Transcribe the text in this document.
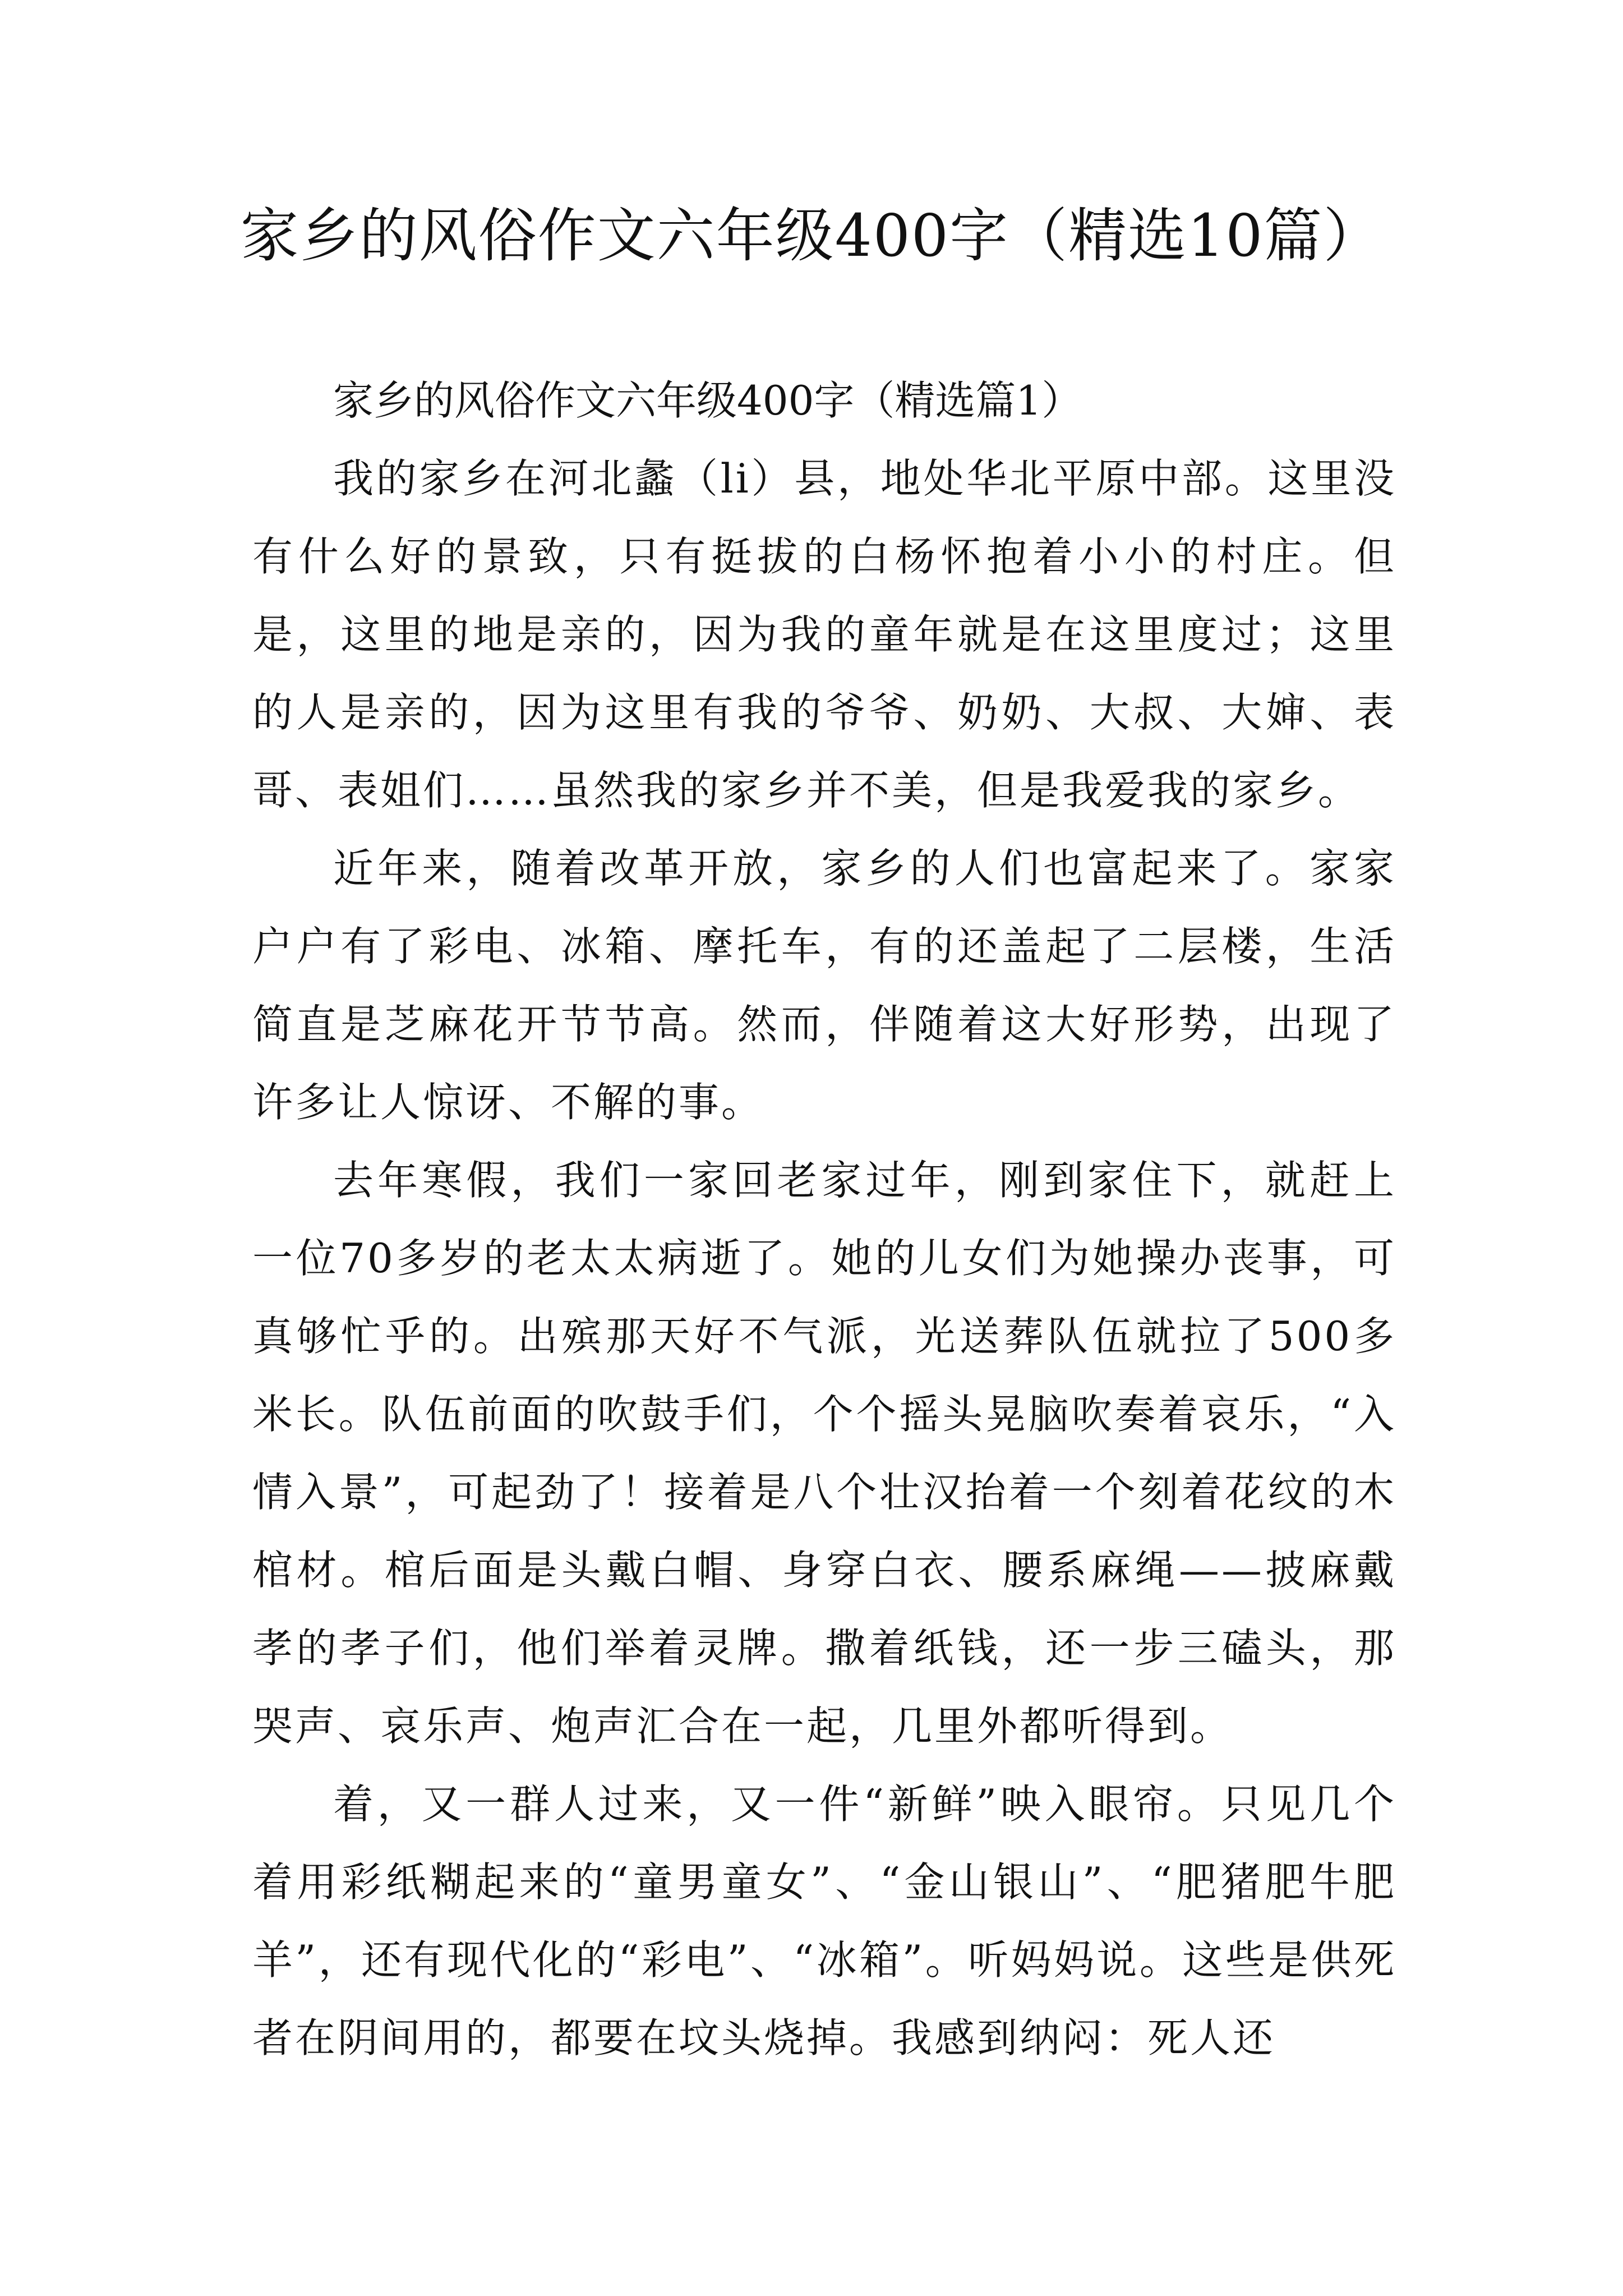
家乡的风俗作文六年级400字（精选10篇）

家乡的风俗作文六年级400字（精选篇1）

我的家乡在河北蠡（li）县，地处华北平原中部。这里没有什么好的景致，只有挺拔的白杨怀抱着小小的村庄。但是，这里的地是亲的，因为我的童年就是在这里度过；这里的人是亲的，因为这里有我的爷爷、奶奶、大叔、大婶、表哥、表姐们……虽然我的家乡并不美，但是我爱我的家乡。

近年来，随着改革开放，家乡的人们也富起来了。家家户户有了彩电、冰箱、摩托车，有的还盖起了二层楼，生活简直是芝麻花开节节高。然而，伴随着这大好形势，出现了许多让人惊讶、不解的事。

去年寒假，我们一家回老家过年，刚到家住下，就赶上一位70多岁的老太太病逝了。她的儿女们为她操办丧事，可真够忙乎的。出殡那天好不气派，光送葬队伍就拉了500多米长。队伍前面的吹鼓手们，个个摇头晃脑吹奏着哀乐，“入情入景”，可起劲了！接着是八个壮汉抬着一个刻着花纹的木棺材。棺后面是头戴白帽、身穿白衣、腰系麻绳——披麻戴孝的孝子们，他们举着灵牌。撒着纸钱，还一步三磕头，那哭声、哀乐声、炮声汇合在一起，几里外都听得到。

着，又一群人过来，又一件“新鲜”映入眼帘。只见几个着用彩纸糊起来的“童男童女”、“金山银山”、“肥猪肥牛肥羊”，还有现代化的“彩电”、“冰箱”。听妈妈说。这些是供死者在阴间用的，都要在坟头烧掉。我感到纳闷：死人还
